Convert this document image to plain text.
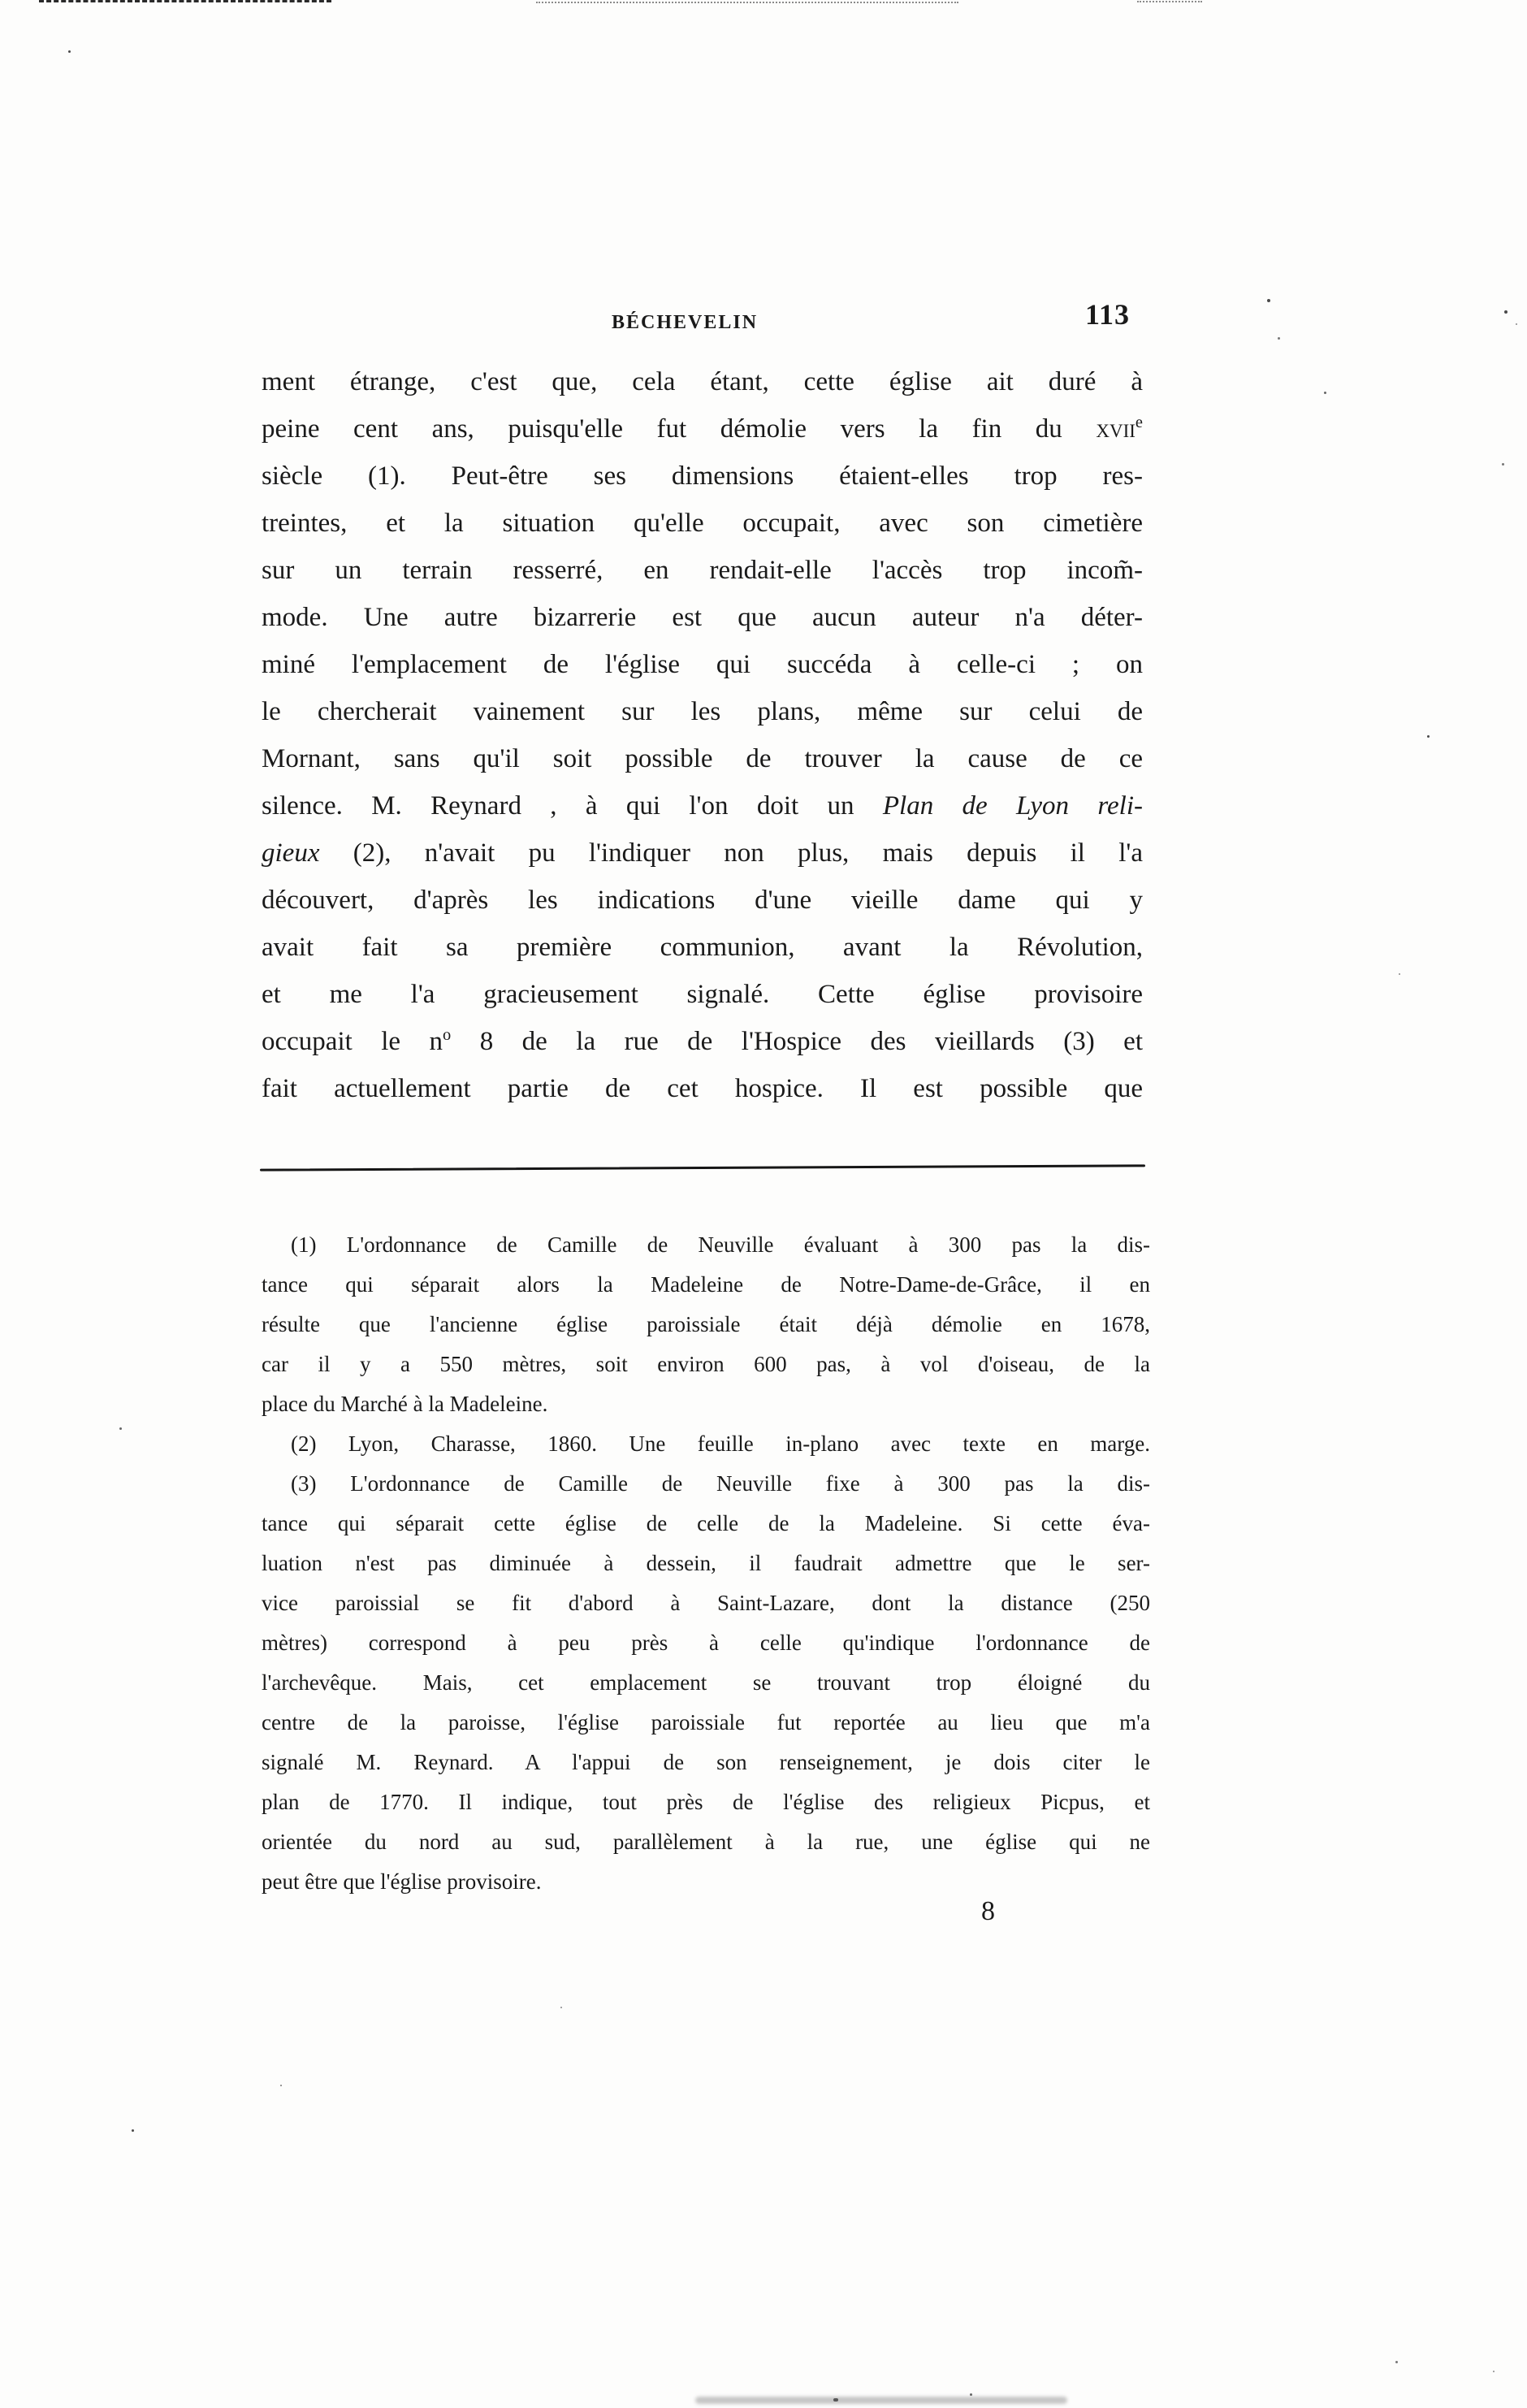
BÉCHEVELIN	113
ment étrange, c'est que, cela étant, cette église ait duré à
peine cent ans, puisqu'elle fut démolie vers la fin du xvii$^e$
siècle (1). Peut-être ses dimensions étaient-elles trop res-
treintes, et la situation qu'elle occupait, avec son cimetière
sur un terrain resserré, en rendait-elle l'accès trop incom̃-
mode. Une autre bizarrerie est que aucun auteur n'a déter-
miné l'emplacement de l'église qui succéda à celle-ci ; on
le chercherait vainement sur les plans, même sur celui de
Mornant, sans qu'il soit possible de trouver la cause de ce
silence. M. Reynard , à qui l'on doit un Plan de Lyon reli-
gieux (2), n'avait pu l'indiquer non plus, mais depuis il l'a
découvert, d'après les indications d'une vieille dame qui y
avait fait sa première communion, avant la Révolution,
et me l'a gracieusement signalé. Cette église provisoire
occupait le $n^o$ 8 de la rue de l'Hospice des vieillards (3) et
fait actuellement partie de cet hospice. Il est possible que
(1) L'ordonnance de Camille de Neuville évaluant à 300 pas la dis-
tance qui séparait alors la Madeleine de Notre-Dame-de-Grâce, il en
résulte que l'ancienne église paroissiale était déjà démolie en 1678,
car il y a 550 mètres, soit environ 600 pas, à vol d'oiseau, de la
place du Marché à la Madeleine.
(2) Lyon, Charasse, 1860. Une feuille in-plano avec texte en marge.
(3) L'ordonnance de Camille de Neuville fixe à 300 pas la dis-
tance qui séparait cette église de celle de la Madeleine. Si cette éva-
luation n'est pas diminuée à dessein, il faudrait admettre que le ser-
vice paroissial se fit d'abord à Saint-Lazare, dont la distance (250
mètres) correspond à peu près à celle qu'indique l'ordonnance de
l'archevêque. Mais, cet emplacement se trouvant trop éloigné du
centre de la paroisse, l'église paroissiale fut reportée au lieu que m'a
signalé M. Reynard. A l'appui de son renseignement, je dois citer le
plan de 1770. Il indique, tout près de l'église des religieux Picpus, et
orientée du nord au sud, parallèlement à la rue, une église qui ne
peut être que l'église provisoire.
8
